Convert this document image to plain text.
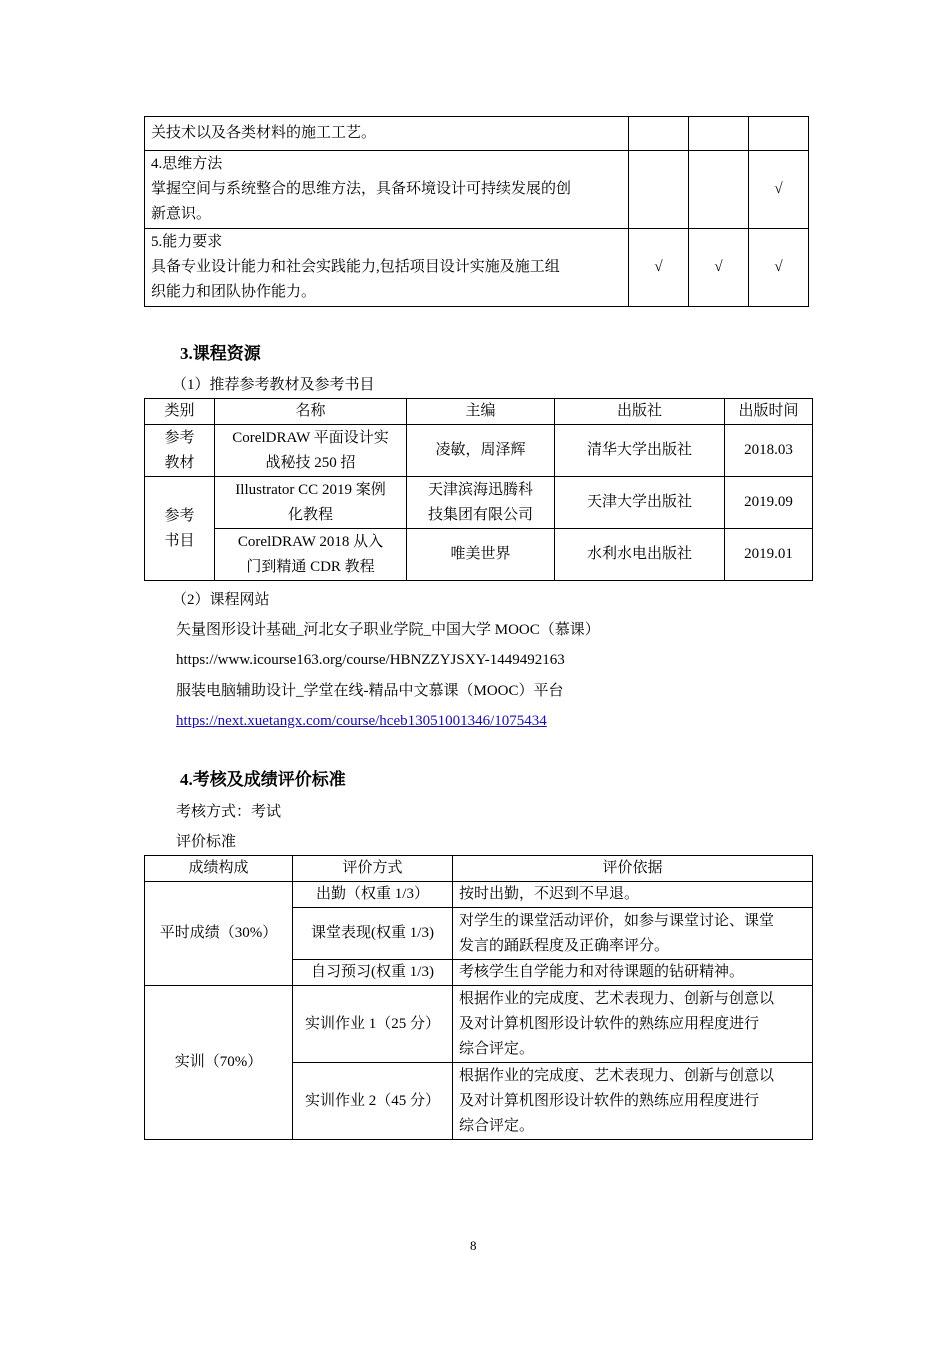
关技术以及各类材料的施工工艺。			

4.思维方法
掌握空间与系统整合的思维方法，具备环境设计可持续发展的创
新意识。			√

5.能力要求
具备专业设计能力和社会实践能力,包括项目设计实施及施工组
织能力和团队协作能力。	√	√	√
3.课程资源
（1）推荐参考教材及参考书目
类别	名称	主编	出版社	出版时间

参考
教材	CorelDRAW 平面设计实
战秘技 250 招	凌敏，周泽辉	清华大学出版社	2018.03

参考
书目	Illustrator CC 2019 案例
化教程	天津滨海迅腾科
技集团有限公司	天津大学出版社	2019.09

	CorelDRAW 2018 从入
门到精通 CDR 教程	唯美世界	水利水电出版社	2019.01
（2）课程网站
矢量图形设计基础_河北女子职业学院_中国大学 MOOC（慕课）
https://www.icourse163.org/course/HBNZZYJSXY-1449492163
服装电脑辅助设计_学堂在线-精品中文慕课（MOOC）平台
https://next.xuetangx.com/course/hceb13051001346/1075434
4.考核及成绩评价标准
考核方式：考试
评价标准
成绩构成	评价方式	评价依据
平时成绩（30%）	出勤（权重 1/3）	按时出勤，不迟到不早退。
	课堂表现(权重 1/3)	对学生的课堂活动评价，如参与课堂讨论、课堂
发言的踊跃程度及正确率评分。

	自习预习(权重 1/3)	考核学生自学能力和对待课题的钻研精神。
实训（70%）	实训作业 1（25 分）	根据作业的完成度、艺术表现力、创新与创意以
及对计算机图形设计软件的熟练应用程度进行
综合评定。

	实训作业 2（45 分）	根据作业的完成度、艺术表现力、创新与创意以
及对计算机图形设计软件的熟练应用程度进行
综合评定。
8
